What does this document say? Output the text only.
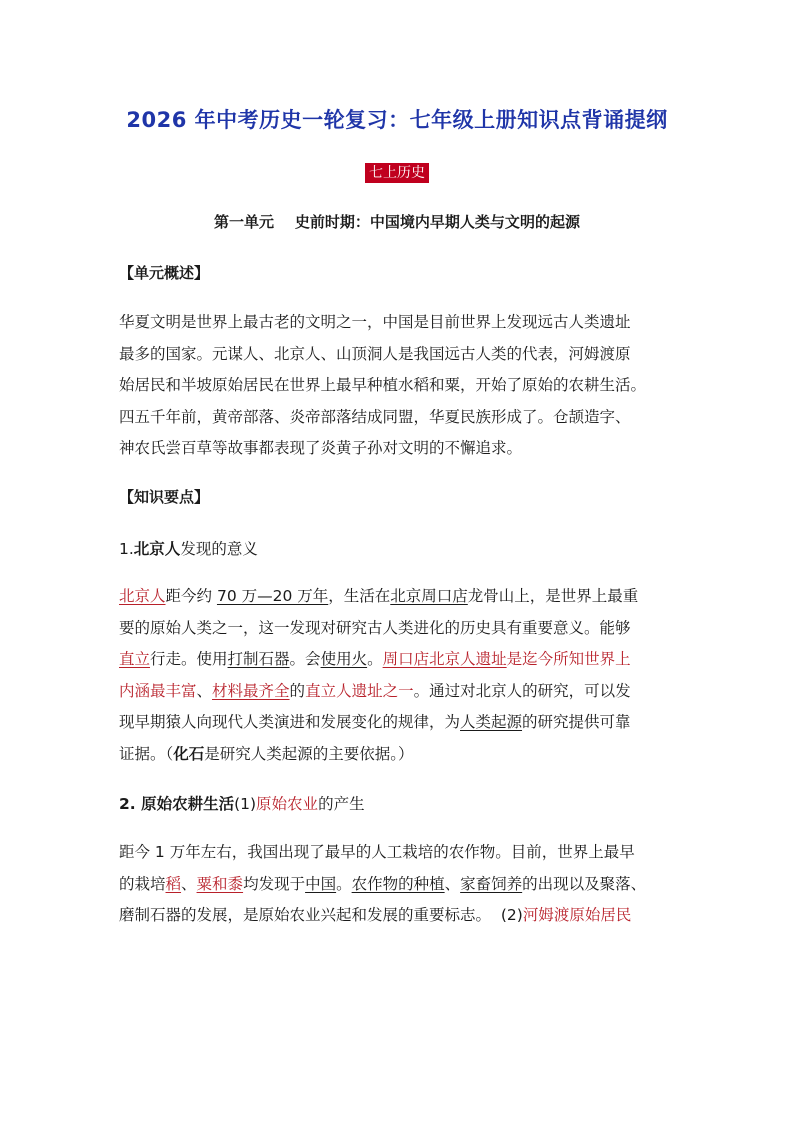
2026 年中考历史一轮复习：七年级上册知识点背诵提纲
七上历史
第一单元    史前时期：中国境内早期人类与文明的起源
【单元概述】

华夏文明是世界上最古老的文明之一，中国是目前世界上发现远古人类遗址
最多的国家。元谋人、北京人、山顶洞人是我国远古人类的代表，河姆渡原
始居民和半坡原始居民在世界上最早种植水稻和粟，开始了原始的农耕生活。
四五千年前，黄帝部落、炎帝部落结成同盟，华夏民族形成了。仓颉造字、
神农氏尝百草等故事都表现了炎黄子孙对文明的不懈追求。

【知识要点】
1.北京人发现的意义

北京人距今约 70 万—20 万年，生活在北京周口店龙骨山上，是世界上最重
要的原始人类之一，这一发现对研究古人类进化的历史具有重要意义。能够
直立行走。使用打制石器。会使用火。周口店北京人遗址是迄今所知世界上
内涵最丰富、材料最齐全的直立人遗址之一。通过对北京人的研究，可以发
现早期猿人向现代人类演进和发展变化的规律，为人类起源的研究提供可靠
证据。（化石是研究人类起源的主要依据。）

2. 原始农耕生活(1)原始农业的产生

距今 1 万年左右，我国出现了最早的人工栽培的农作物。目前，世界上最早
的栽培稻、粟和黍均发现于中国。农作物的种植、家畜饲养的出现以及聚落、
磨制石器的发展，是原始农业兴起和发展的重要标志。  (2)河姆渡原始居民
